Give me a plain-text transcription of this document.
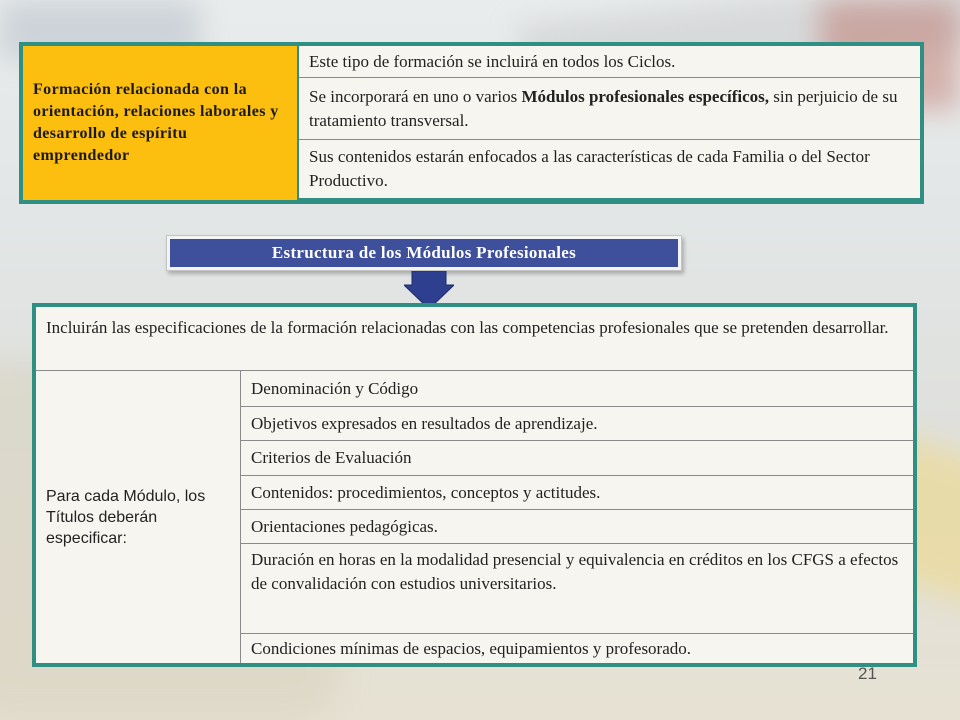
Formación relacionada con la orientación, relaciones laborales y desarrollo de espíritu emprendedor
Este tipo de formación se incluirá en todos los Ciclos.
Se incorporará en uno o varios Módulos profesionales específicos, sin perjuicio de su tratamiento transversal.
Sus contenidos estarán enfocados a las características de cada Familia o del Sector Productivo.
Estructura de los Módulos Profesionales
Incluirán las especificaciones de la formación relacionadas con las competencias profesionales que se pretenden desarrollar.
Para cada Módulo, los Títulos deberán especificar:
Denominación y Código
Objetivos expresados en resultados de aprendizaje.
Criterios de Evaluación
Contenidos: procedimientos, conceptos y actitudes.
Orientaciones pedagógicas.
Duración en horas en la modalidad presencial y equivalencia en créditos en los CFGS a efectos de convalidación con estudios universitarios.
Condiciones mínimas de espacios, equipamientos y profesorado.
21
